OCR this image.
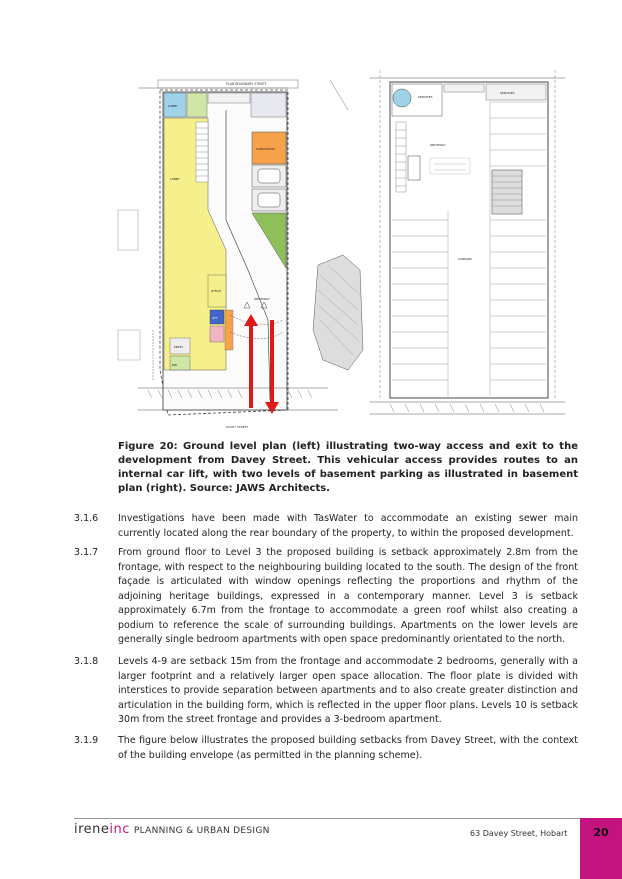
PLAN BOUNDARY STREET
LOBBY
LOBBY
SUBSTATION
DRIVEWAY
OFFICE
LIFT
ENTRY
BIN
DAVEY STREET
SERVICES
SERVICES
DRIVEWAY
CARPARK
Figure 20: Ground level plan (left) illustrating two-way access and exit to the development from Davey Street. This vehicular access provides routes to an internal car lift, with two levels of basement parking as illustrated in basement plan (right). Source: JAWS Architects.
3.1.6	Investigations have been made with TasWater to accommodate an existing sewer main currently located along the rear boundary of the property, to within the proposed development.
3.1.7	From ground floor to Level 3 the proposed building is setback approximately 2.8m from the frontage, with respect to the neighbouring building located to the south. The design of the front façade is articulated with window openings reflecting the proportions and rhythm of the adjoining heritage buildings, expressed in a contemporary manner. Level 3 is setback approximately 6.7m from the frontage to accommodate a green roof whilst also creating a podium to reference the scale of surrounding buildings. Apartments on the lower levels are generally single bedroom apartments with open space predominantly orientated to the north.
3.1.8	Levels 4-9 are setback 15m from the frontage and accommodate 2 bedrooms, generally with a larger footprint and a relatively larger open space allocation. The floor plate is divided with interstices to provide separation between apartments and to also create greater distinction and articulation in the building form, which is reflected in the upper floor plans. Levels 10 is setback 30m from the street frontage and provides a 3-bedroom apartment.
3.1.9	The figure below illustrates the proposed building setbacks from Davey Street, with the context of the building envelope (as permitted in the planning scheme).
ireneinc PLANNING & URBAN DESIGN	63 Davey Street, Hobart	20
